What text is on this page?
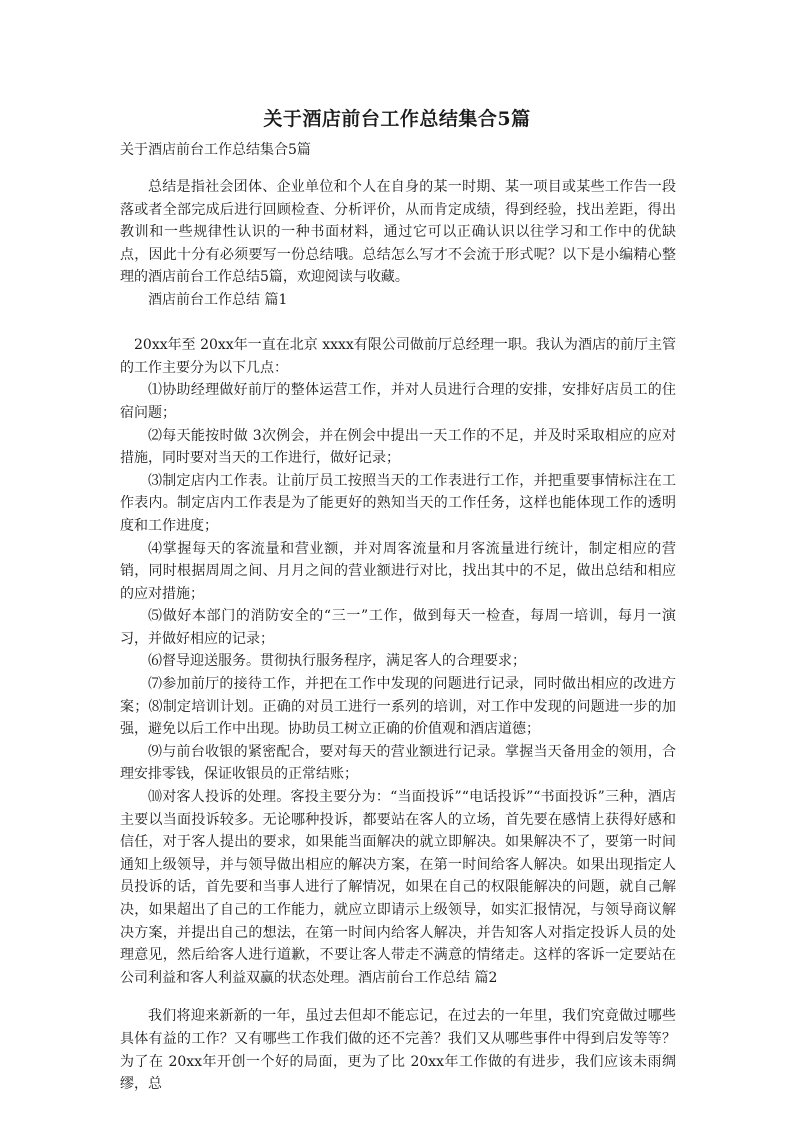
关于酒店前台工作总结集合5篇
关于酒店前台工作总结集合5篇

总结是指社会团体、企业单位和个人在自身的某一时期、某一项目或某些工作告一段落或者全部完成后进行回顾检查、分析评价，从而肯定成绩，得到经验，找出差距，得出教训和一些规律性认识的一种书面材料，通过它可以正确认识以往学习和工作中的优缺点，因此十分有必须要写一份总结哦。总结怎么写才不会流于形式呢？以下是小编精心整理的酒店前台工作总结5篇，欢迎阅读与收藏。

酒店前台工作总结 篇1

20xx年至 20xx年一直在北京 xxxx有限公司做前厅总经理一职。我认为酒店的前厅主管的工作主要分为以下几点：

⑴协助经理做好前厅的整体运营工作，并对人员进行合理的安排，安排好店员工的住宿问题；

⑵每天能按时做 3次例会，并在例会中提出一天工作的不足，并及时采取相应的应对措施，同时要对当天的工作进行，做好记录；

⑶制定店内工作表。让前厅员工按照当天的工作表进行工作，并把重要事情标注在工作表内。制定店内工作表是为了能更好的熟知当天的工作任务，这样也能体现工作的透明度和工作进度；

⑷掌握每天的客流量和营业额，并对周客流量和月客流量进行统计，制定相应的营销，同时根据周周之间、月月之间的营业额进行对比，找出其中的不足，做出总结和相应的应对措施；

⑸做好本部门的消防安全的“三一”工作，做到每天一检查，每周一培训，每月一演习，并做好相应的记录；

⑹督导迎送服务。贯彻执行服务程序，满足客人的合理要求；

⑺参加前厅的接待工作，并把在工作中发现的问题进行记录，同时做出相应的改进方案；⑻制定培训计划。正确的对员工进行一系列的培训，对工作中发现的问题进一步的加强，避免以后工作中出现。协助员工树立正确的价值观和酒店道德；

⑼与前台收银的紧密配合，要对每天的营业额进行记录。掌握当天备用金的领用，合理安排零钱，保证收银员的正常结账；

⑽对客人投诉的处理。客投主要分为：“当面投诉”“电话投诉”“书面投诉”三种，酒店主要以当面投诉较多。无论哪种投诉，都要站在客人的立场，首先要在感情上获得好感和信任，对于客人提出的要求，如果能当面解决的就立即解决。如果解决不了，要第一时间通知上级领导，并与领导做出相应的解决方案，在第一时间给客人解决。如果出现指定人员投诉的话，首先要和当事人进行了解情况，如果在自己的权限能解决的问题，就自己解决，如果超出了自己的工作能力，就应立即请示上级领导，如实汇报情况，与领导商议解决方案，并提出自己的想法，在第一时间内给客人解决，并告知客人对指定投诉人员的处理意见，然后给客人进行道歉，不要让客人带走不满意的情绪走。这样的客诉一定要站在公司利益和客人利益双赢的状态处理。酒店前台工作总结 篇2

我们将迎来新新的一年，虽过去但却不能忘记，在过去的一年里，我们究竟做过哪些具体有益的工作？又有哪些工作我们做的还不完善？我们又从哪些事件中得到启发等等？为了在 20xx年开创一个好的局面，更为了比 20xx年工作做的有进步，我们应该未雨绸缪，总
